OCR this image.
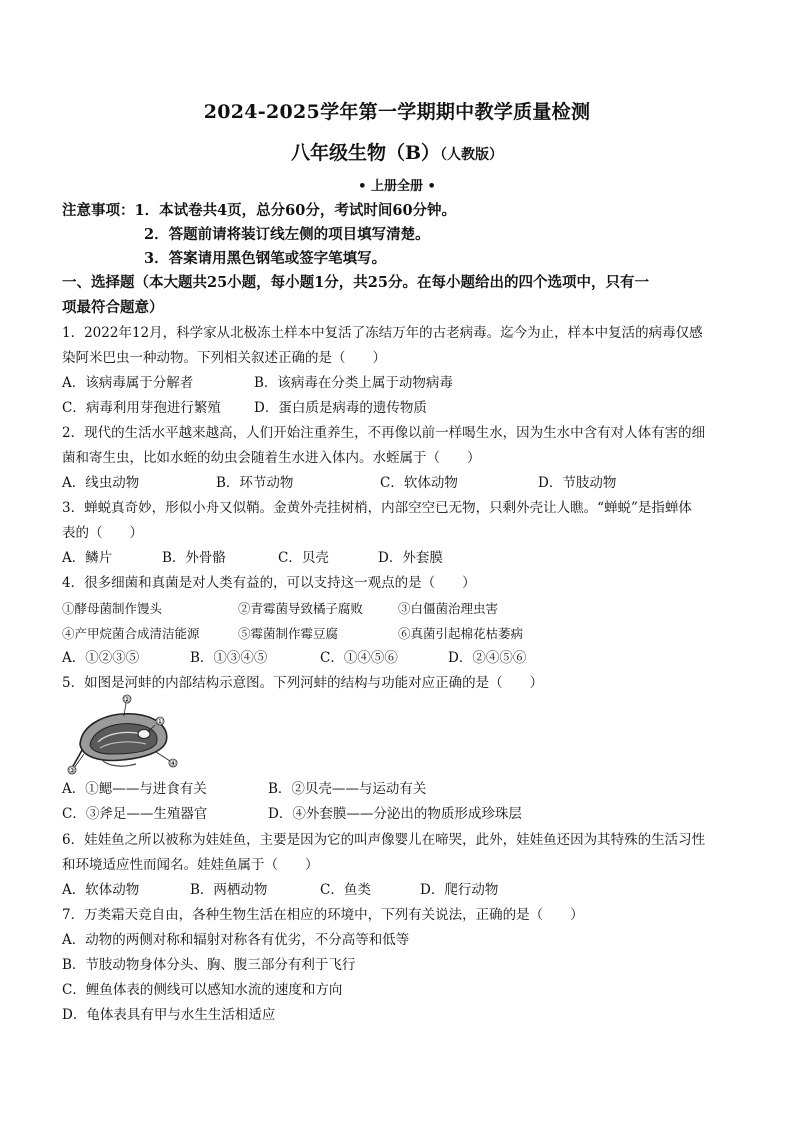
2024-2025学年第一学期期中教学质量检测
八年级生物（B）（人教版）
• 上册全册 •
注意事项：1．本试卷共4页，总分60分，考试时间60分钟。
2．答题前请将装订线左侧的项目填写清楚。
3．答案请用黑色钢笔或签字笔填写。
一、选择题（本大题共25小题，每小题1分，共25分。在每小题给出的四个选项中，只有一
项最符合题意）
1．2022年12月，科学家从北极冻土样本中复活了冻结万年的古老病毒。迄今为止，样本中复活的病毒仅感
染阿米巴虫一种动物。下列相关叙述正确的是（　　）
A．该病毒属于分解者	B．该病毒在分类上属于动物病毒
C．病毒利用芽孢进行繁殖	D．蛋白质是病毒的遗传物质
2．现代的生活水平越来越高，人们开始注重养生，不再像以前一样喝生水，因为生水中含有对人体有害的细
菌和寄生虫，比如水蛭的幼虫会随着生水进入体内。水蛭属于（　　）
A．线虫动物	B．环节动物	C．软体动物	D．节肢动物
3．蝉蜕真奇妙，形似小舟又似鞘。金黄外壳挂树梢，内部空空已无物，只剩外壳让人瞧。“蝉蜕”是指蝉体
表的（　　）
A．鳞片	B．外骨骼	C．贝壳	D．外套膜
4．很多细菌和真菌是对人类有益的，可以支持这一观点的是（　　）
①酵母菌制作馒头	②青霉菌导致橘子腐败	③白僵菌治理虫害
④产甲烷菌合成清洁能源	⑤霉菌制作霉豆腐	⑥真菌引起棉花枯萎病
A．①②③⑤	B．①③④⑤	C．①④⑤⑥	D．②④⑤⑥
5．如图是河蚌的内部结构示意图。下列河蚌的结构与功能对应正确的是（　　）
①
②
③
④
A．①鳃——与进食有关	B．②贝壳——与运动有关
C．③斧足——生殖器官	D．④外套膜——分泌出的物质形成珍珠层
6．娃娃鱼之所以被称为娃娃鱼，主要是因为它的叫声像婴儿在啼哭，此外，娃娃鱼还因为其特殊的生活习性
和环境适应性而闻名。娃娃鱼属于（　　）
A．软体动物	B．两栖动物	C．鱼类	D．爬行动物
7．万类霜天竞自由，各种生物生活在相应的环境中，下列有关说法，正确的是（　　）
A．动物的两侧对称和辐射对称各有优劣，不分高等和低等
B．节肢动物身体分头、胸、腹三部分有利于飞行
C．鲤鱼体表的侧线可以感知水流的速度和方向
D．龟体表具有甲与水生生活相适应
